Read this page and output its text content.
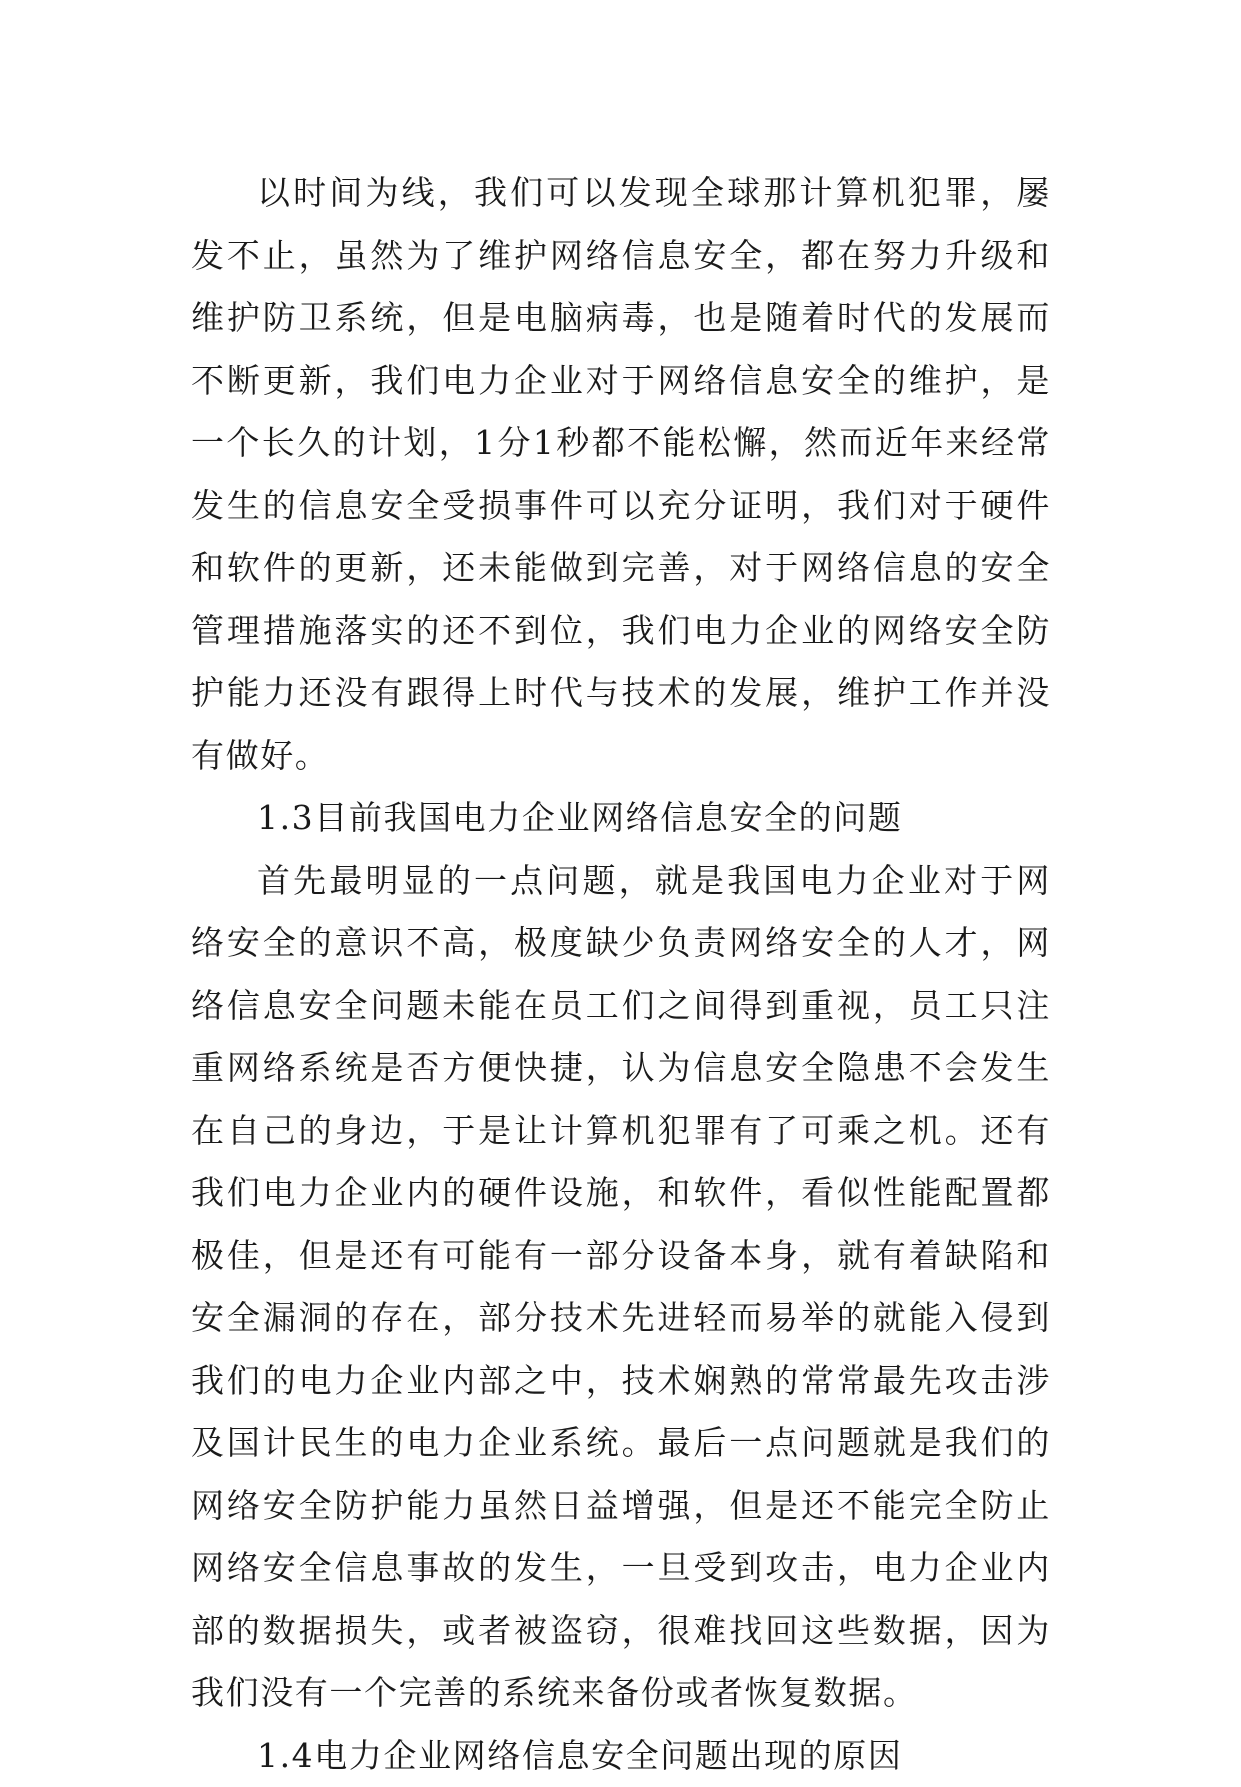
以时间为线，我们可以发现全球那计算机犯罪，屡发不止，虽然为了维护网络信息安全，都在努力升级和维护防卫系统，但是电脑病毒，也是随着时代的发展而不断更新，我们电力企业对于网络信息安全的维护，是一个长久的计划，1分1秒都不能松懈，然而近年来经常发生的信息安全受损事件可以充分证明，我们对于硬件和软件的更新，还未能做到完善，对于网络信息的安全管理措施落实的还不到位，我们电力企业的网络安全防护能力还没有跟得上时代与技术的发展，维护工作并没有做好。

1.3目前我国电力企业网络信息安全的问题

首先最明显的一点问题，就是我国电力企业对于网络安全的意识不高，极度缺少负责网络安全的人才，网络信息安全问题未能在员工们之间得到重视，员工只注重网络系统是否方便快捷，认为信息安全隐患不会发生在自己的身边，于是让计算机犯罪有了可乘之机。还有我们电力企业内的硬件设施，和软件，看似性能配置都极佳，但是还有可能有一部分设备本身，就有着缺陷和安全漏洞的存在，部分技术先进轻而易举的就能入侵到我们的电力企业内部之中，技术娴熟的常常最先攻击涉及国计民生的电力企业系统。最后一点问题就是我们的网络安全防护能力虽然日益增强，但是还不能完全防止网络安全信息事故的发生，一旦受到攻击，电力企业内部的数据损失，或者被盗窃，很难找回这些数据，因为我们没有一个完善的系统来备份或者恢复数据。

1.4电力企业网络信息安全问题出现的原因
